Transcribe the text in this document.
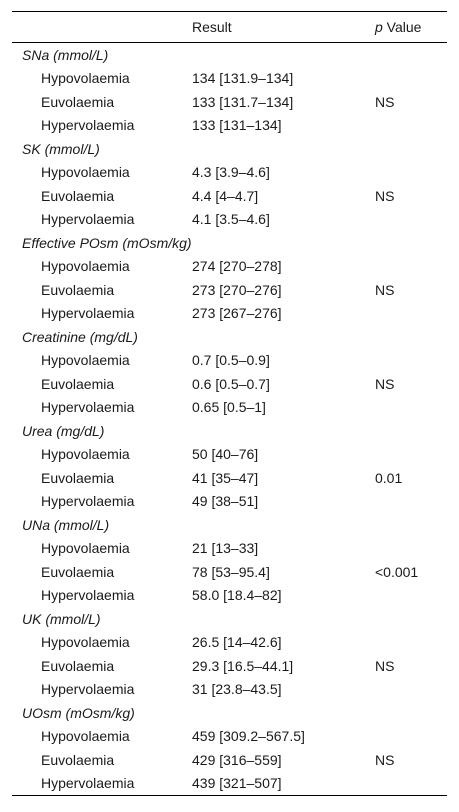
	Result	p Value
SNa (mmol/L)		
Hypovolaemia	134 [131.9–134]	
Euvolaemia	133 [131.7–134]	NS
Hypervolaemia	133 [131–134]	
SK (mmol/L)		
Hypovolaemia	4.3 [3.9–4.6]	
Euvolaemia	4.4 [4–4.7]	NS
Hypervolaemia	4.1 [3.5–4.6]	
Effective POsm (mOsm/kg)		
Hypovolaemia	274 [270–278]	
Euvolaemia	273 [270–276]	NS
Hypervolaemia	273 [267–276]	
Creatinine (mg/dL)		
Hypovolaemia	0.7 [0.5–0.9]	
Euvolaemia	0.6 [0.5–0.7]	NS
Hypervolaemia	0.65 [0.5–1]	
Urea (mg/dL)		
Hypovolaemia	50 [40–76]	
Euvolaemia	41 [35–47]	0.01
Hypervolaemia	49 [38–51]	
UNa (mmol/L)		
Hypovolaemia	21 [13–33]	
Euvolaemia	78 [53–95.4]	<0.001
Hypervolaemia	58.0 [18.4–82]	
UK (mmol/L)		
Hypovolaemia	26.5 [14–42.6]	
Euvolaemia	29.3 [16.5–44.1]	NS
Hypervolaemia	31 [23.8–43.5]	
UOsm (mOsm/kg)		
Hypovolaemia	459 [309.2–567.5]	
Euvolaemia	429 [316–559]	NS
Hypervolaemia	439 [321–507]	
